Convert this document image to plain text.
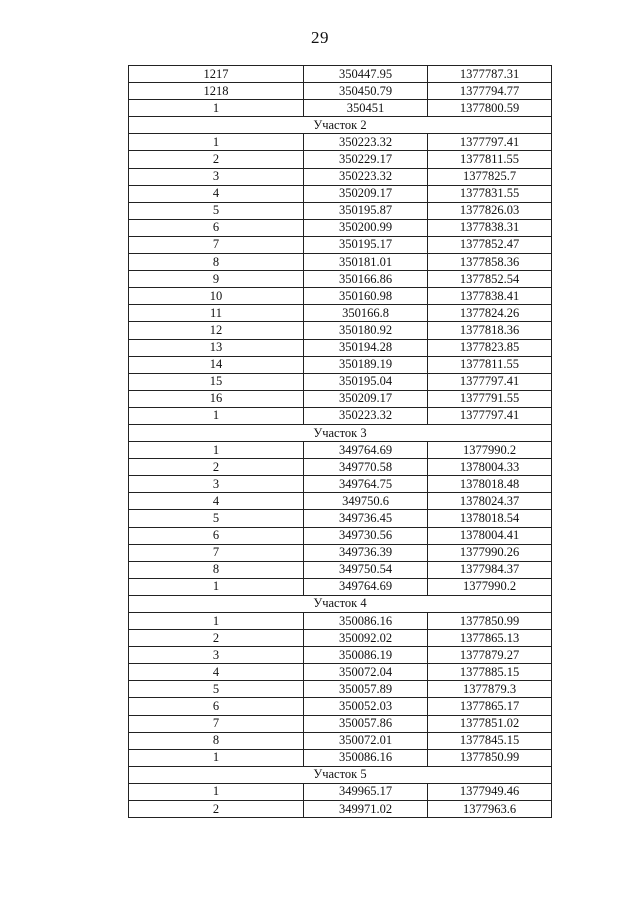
29
1217	350447.95	1377787.31
1218	350450.79	1377794.77
1	350451	1377800.59
Участок 2		
1	350223.32	1377797.41
2	350229.17	1377811.55
3	350223.32	1377825.7
4	350209.17	1377831.55
5	350195.87	1377826.03
6	350200.99	1377838.31
7	350195.17	1377852.47
8	350181.01	1377858.36
9	350166.86	1377852.54
10	350160.98	1377838.41
11	350166.8	1377824.26
12	350180.92	1377818.36
13	350194.28	1377823.85
14	350189.19	1377811.55
15	350195.04	1377797.41
16	350209.17	1377791.55
1	350223.32	1377797.41
Участок 3		
1	349764.69	1377990.2
2	349770.58	1378004.33
3	349764.75	1378018.48
4	349750.6	1378024.37
5	349736.45	1378018.54
6	349730.56	1378004.41
7	349736.39	1377990.26
8	349750.54	1377984.37
1	349764.69	1377990.2
Участок 4		
1	350086.16	1377850.99
2	350092.02	1377865.13
3	350086.19	1377879.27
4	350072.04	1377885.15
5	350057.89	1377879.3
6	350052.03	1377865.17
7	350057.86	1377851.02
8	350072.01	1377845.15
1	350086.16	1377850.99
Участок 5		
1	349965.17	1377949.46
2	349971.02	1377963.6
